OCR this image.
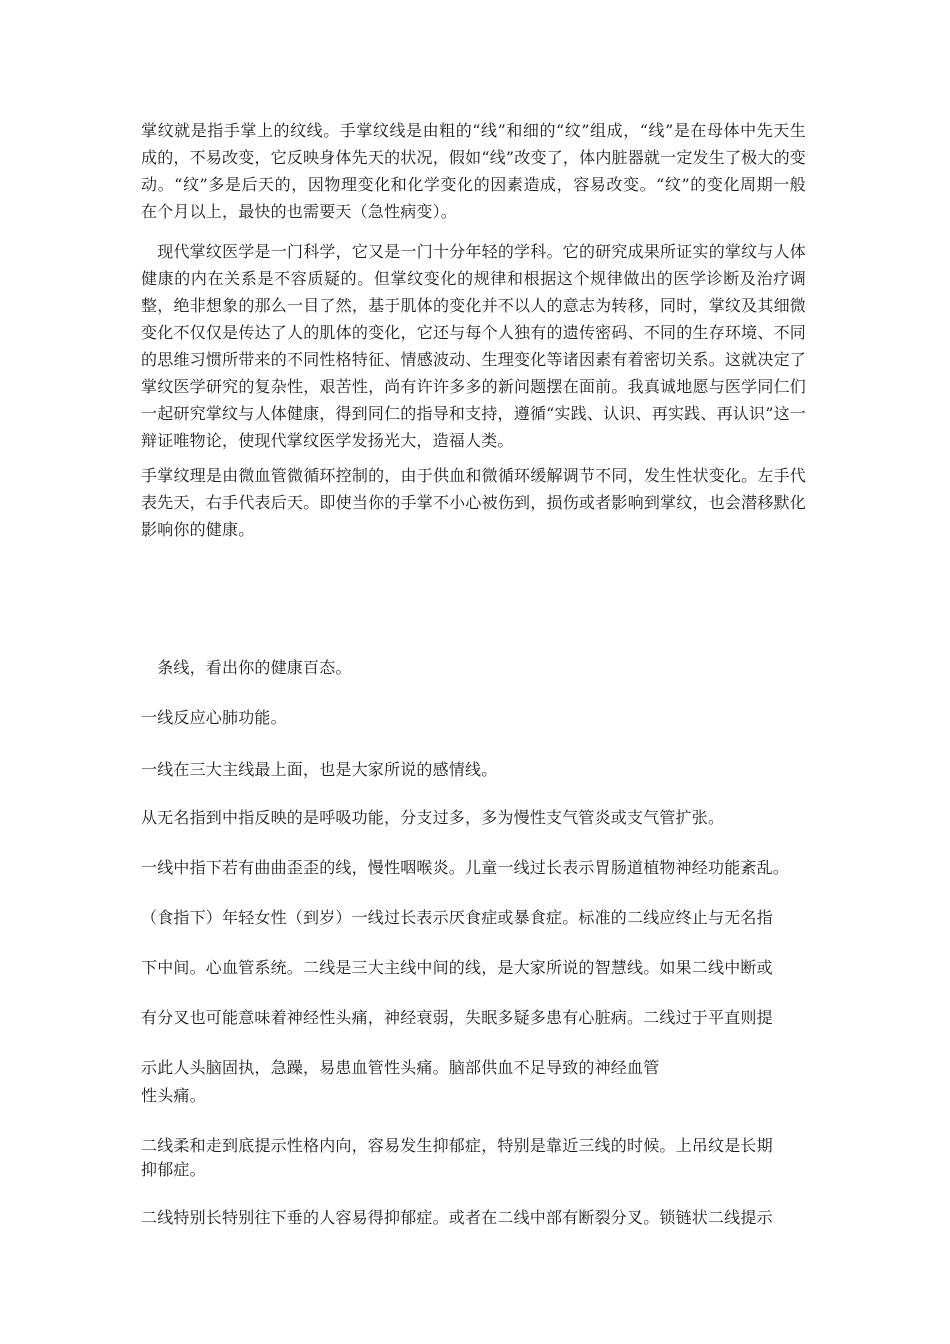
掌纹就是指手掌上的纹线。手掌纹线是由粗的“线”和细的“纹”组成，“线”是在母体中先天生成的，不易改变，它反映身体先天的状况，假如“线”改变了，体内脏器就一定发生了极大的变动。“纹”多是后天的，因物理变化和化学变化的因素造成，容易改变。“纹”的变化周期一般在个月以上，最快的也需要天（急性病变）。

　现代掌纹医学是一门科学，它又是一门十分年轻的学科。它的研究成果所证实的掌纹与人体健康的内在关系是不容质疑的。但掌纹变化的规律和根据这个规律做出的医学诊断及治疗调整，绝非想象的那么一目了然，基于肌体的变化并不以人的意志为转移，同时，掌纹及其细微变化不仅仅是传达了人的肌体的变化，它还与每个人独有的遗传密码、不同的生存环境、不同的思维习惯所带来的不同性格特征、情感波动、生理变化等诸因素有着密切关系。这就决定了掌纹医学研究的复杂性，艰苦性，尚有许许多多的新问题摆在面前。我真诚地愿与医学同仁们一起研究掌纹与人体健康，得到同仁的指导和支持，遵循“实践、认识、再实践、再认识”这一辩证唯物论，使现代掌纹医学发扬光大，造福人类。

手掌纹理是由微血管微循环控制的，由于供血和微循环缓解调节不同，发生性状变化。左手代表先天，右手代表后天。即使当你的手掌不小心被伤到，损伤或者影响到掌纹，也会潜移默化影响你的健康。

　条线，看出你的健康百态。

一线反应心肺功能。

一线在三大主线最上面，也是大家所说的感情线。

从无名指到中指反映的是呼吸功能，分支过多，多为慢性支气管炎或支气管扩张。

一线中指下若有曲曲歪歪的线，慢性咽喉炎。儿童一线过长表示胃肠道植物神经功能紊乱。

（食指下）年轻女性（到岁）一线过长表示厌食症或暴食症。标准的二线应终止与无名指

下中间。心血管系统。二线是三大主线中间的线，是大家所说的智慧线。如果二线中断或

有分叉也可能意味着神经性头痛，神经衰弱，失眠多疑多患有心脏病。二线过于平直则提

示此人头脑固执，急躁，易患血管性头痛。脑部供血不足导致的神经血管

性头痛。

二线柔和走到底提示性格内向，容易发生抑郁症，特别是靠近三线的时候。上吊纹是长期

抑郁症。

二线特别长特别往下垂的人容易得抑郁症。或者在二线中部有断裂分叉。锁链状二线提示
